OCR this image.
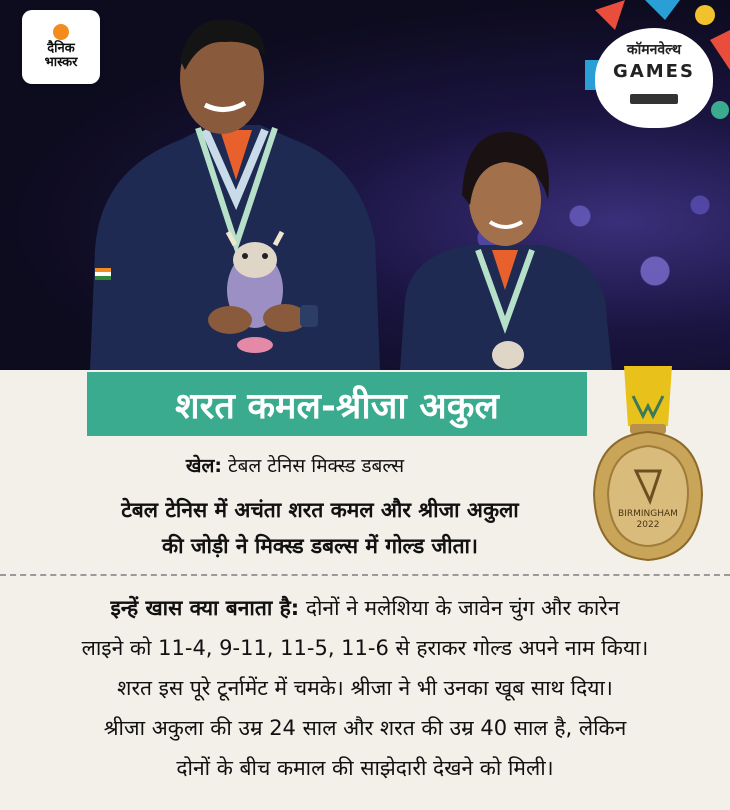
दैनिक
भास्कर
कॉमनवेल्थ
GAMES
शरत कमल-श्रीजा अकुल
BIRMINGHAM
2022
खेल: टेबल टेनिस मिक्स्ड डबल्स
टेबल टेनिस में अचंता शरत कमल और श्रीजा अकुला
की जोड़ी ने मिक्स्ड डबल्स में गोल्ड जीता।
इन्हें खास क्या बनाता है: दोनों ने मलेशिया के जावेन चुंग और कारेन
लाइने को 11-4, 9-11, 11-5, 11-6 से हराकर गोल्ड अपने नाम किया।
शरत इस पूरे टूर्नामेंट में चमके। श्रीजा ने भी उनका खूब साथ दिया।
श्रीजा अकुला की उम्र 24 साल और शरत की उम्र 40 साल है, लेकिन
दोनों के बीच कमाल की साझेदारी देखने को मिली।
